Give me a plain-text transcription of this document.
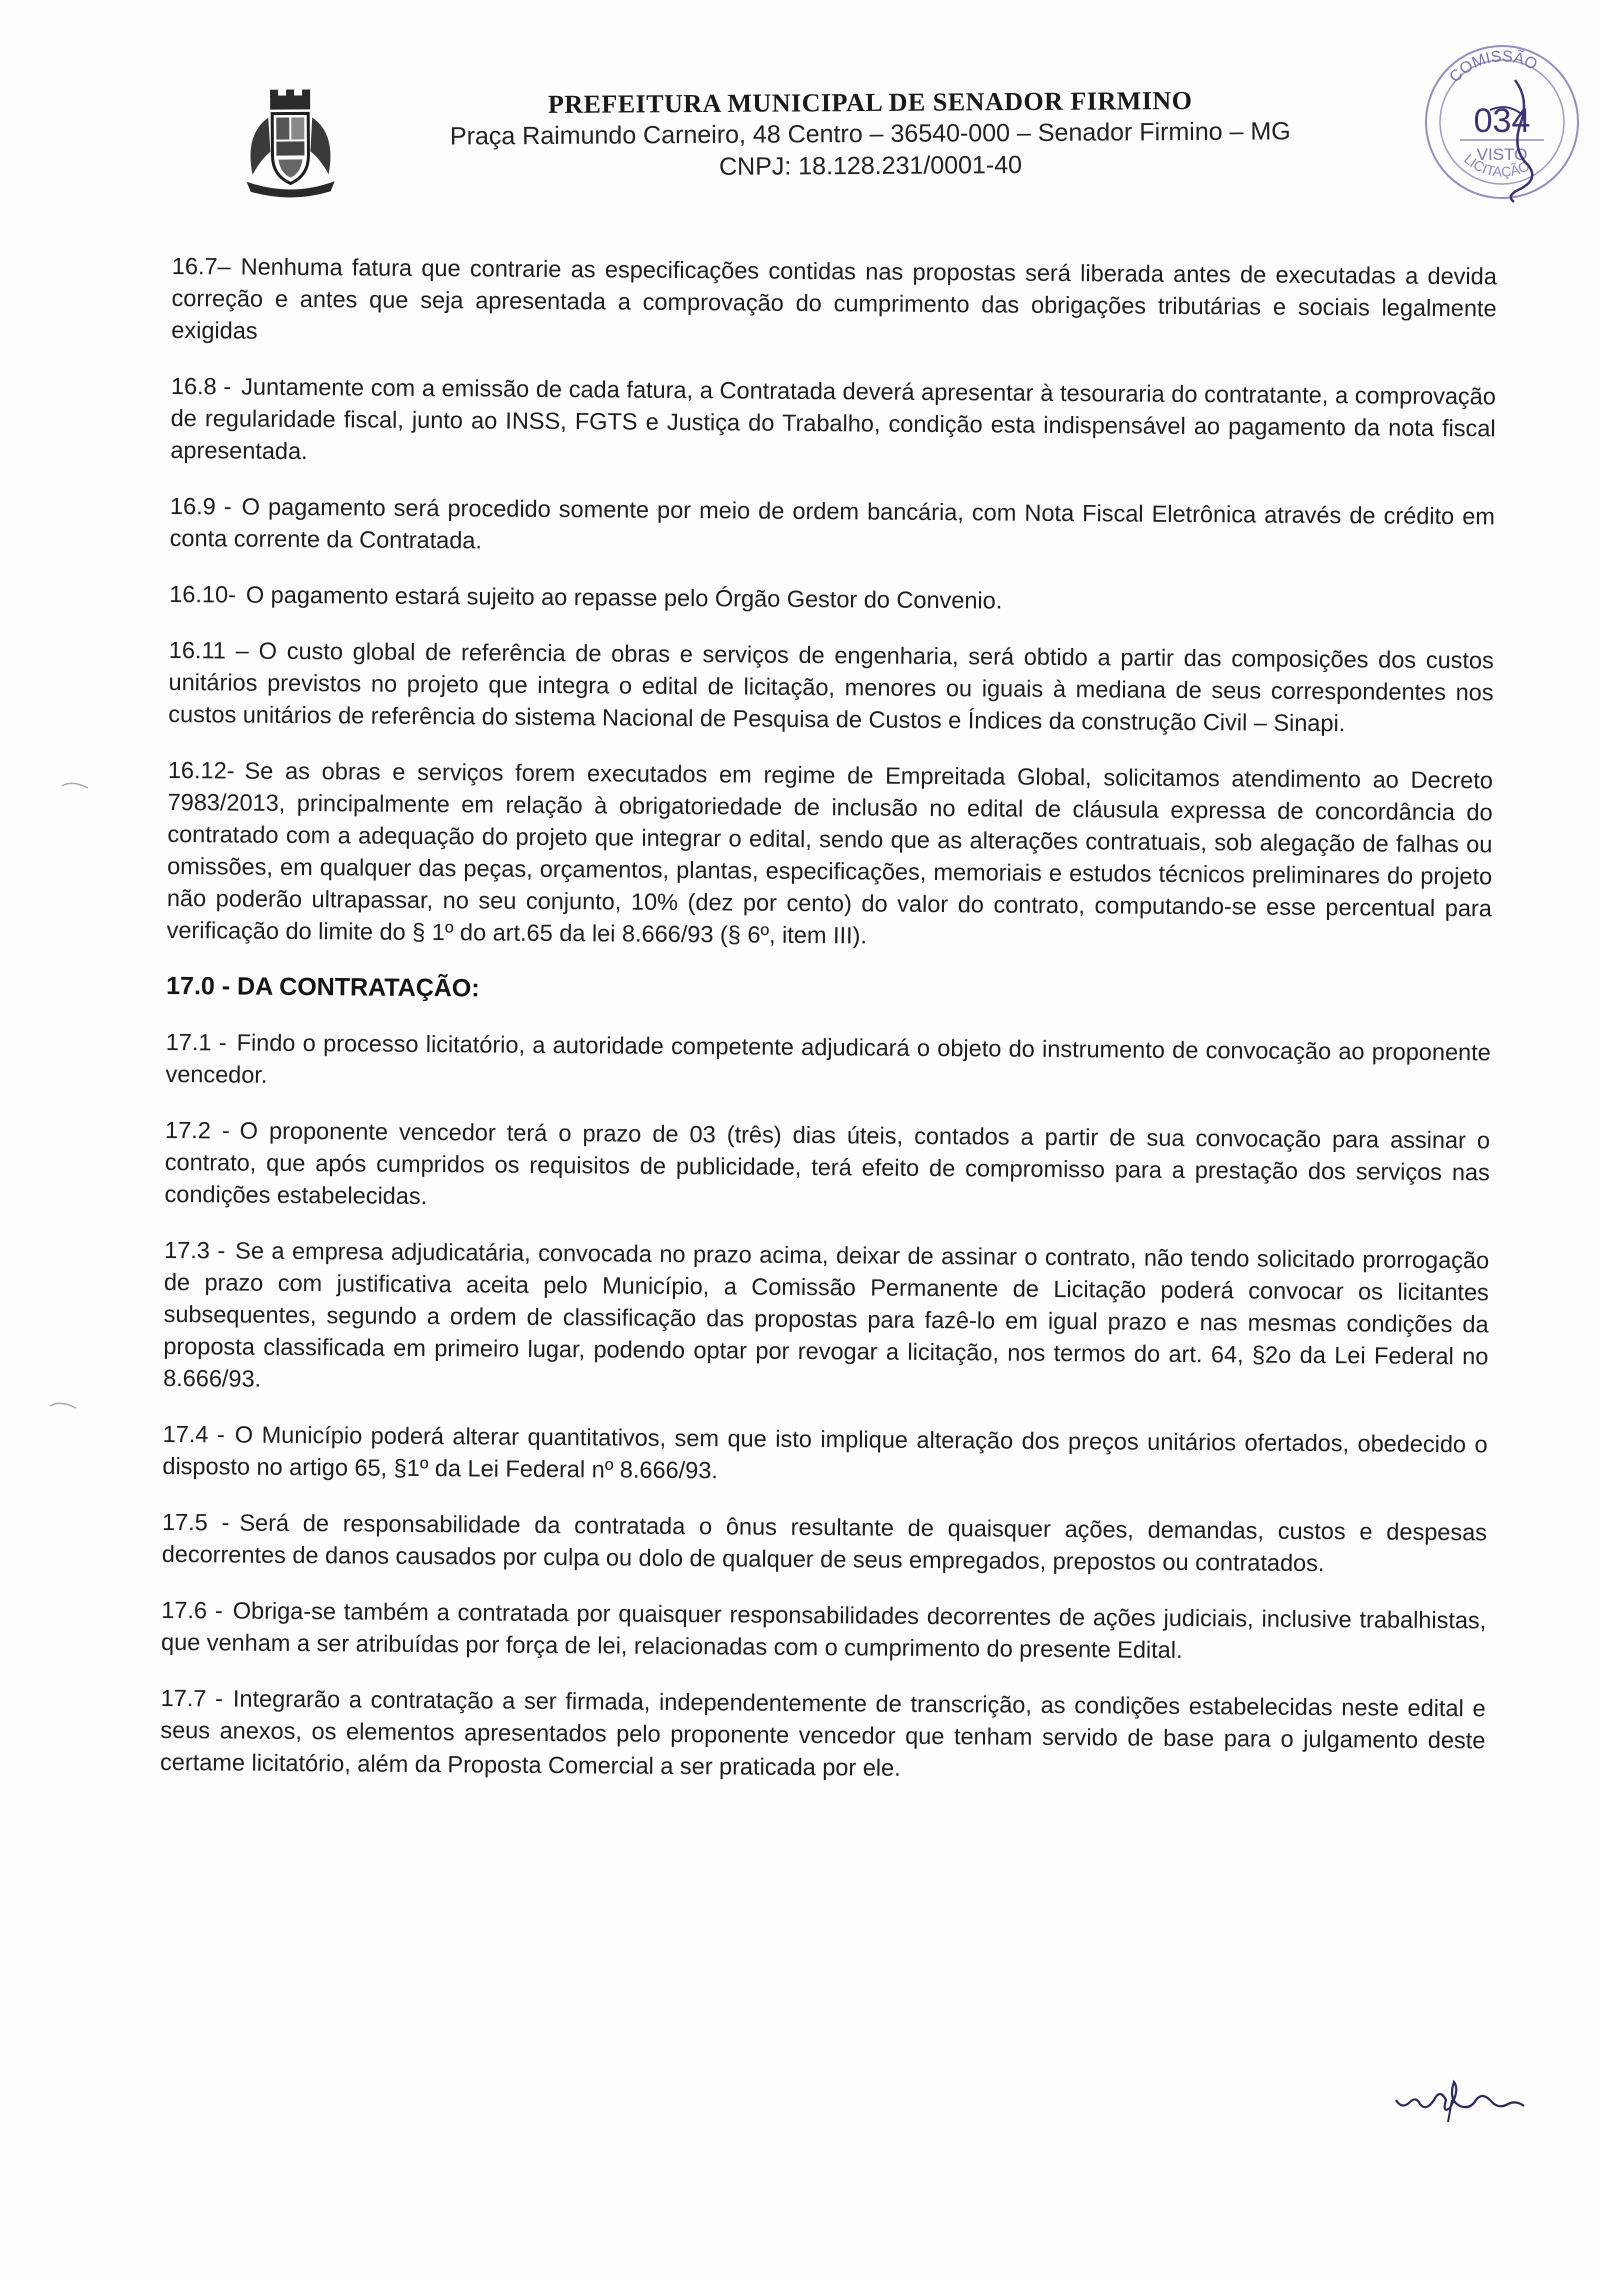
PREFEITURA MUNICIPAL DE SENADOR FIRMINO
Praça Raimundo Carneiro, 48 Centro – 36540-000 – Senador Firmino – MG
CNPJ: 18.128.231/0001-40
COMISSÃO
034
VISTO
LICITAÇÃO

16.7– Nenhuma fatura que contrarie as especificações contidas nas propostas será liberada antes de executadas a devida correção e antes que seja apresentada a comprovação do cumprimento das obrigações tributárias e sociais legalmente exigidas

16.8 - Juntamente com a emissão de cada fatura, a Contratada deverá apresentar à tesouraria do contratante, a comprovação de regularidade fiscal, junto ao INSS, FGTS e Justiça do Trabalho, condição esta indispensável ao pagamento da nota fiscal apresentada.

16.9 - O pagamento será procedido somente por meio de ordem bancária, com Nota Fiscal Eletrônica através de crédito em conta corrente da Contratada.

16.10- O pagamento estará sujeito ao repasse pelo Órgão Gestor do Convenio.

16.11 – O custo global de referência de obras e serviços de engenharia, será obtido a partir das composições dos custos unitários previstos no projeto que integra o edital de licitação, menores ou iguais à mediana de seus correspondentes nos custos unitários de referência do sistema Nacional de Pesquisa de Custos e Índices da construção Civil – Sinapi.

16.12- Se as obras e serviços forem executados em regime de Empreitada Global, solicitamos atendimento ao Decreto 7983/2013, principalmente em relação à obrigatoriedade de inclusão no edital de cláusula expressa de concordância do contratado com a adequação do projeto que integrar o edital, sendo que as alterações contratuais, sob alegação de falhas ou omissões, em qualquer das peças, orçamentos, plantas, especificações, memoriais e estudos técnicos preliminares do projeto não poderão ultrapassar, no seu conjunto, 10% (dez por cento) do valor do contrato, computando-se esse percentual para verificação do limite do § 1º do art.65 da lei 8.666/93 (§ 6º, item III).

17.0 - DA CONTRATAÇÃO:

17.1 - Findo o processo licitatório, a autoridade competente adjudicará o objeto do instrumento de convocação ao proponente vencedor.

17.2 - O proponente vencedor terá o prazo de 03 (três) dias úteis, contados a partir de sua convocação para assinar o contrato, que após cumpridos os requisitos de publicidade, terá efeito de compromisso para a prestação dos serviços nas condições estabelecidas.

17.3 - Se a empresa adjudicatária, convocada no prazo acima, deixar de assinar o contrato, não tendo solicitado prorrogação de prazo com justificativa aceita pelo Município, a Comissão Permanente de Licitação poderá convocar os licitantes subsequentes, segundo a ordem de classificação das propostas para fazê-lo em igual prazo e nas mesmas condições da proposta classificada em primeiro lugar, podendo optar por revogar a licitação, nos termos do art. 64, §2o da Lei Federal no 8.666/93.

17.4 - O Município poderá alterar quantitativos, sem que isto implique alteração dos preços unitários ofertados, obedecido o disposto no artigo 65, §1º da Lei Federal nº 8.666/93.

17.5 - Será de responsabilidade da contratada o ônus resultante de quaisquer ações, demandas, custos e despesas decorrentes de danos causados por culpa ou dolo de qualquer de seus empregados, prepostos ou contratados.

17.6 - Obriga-se também a contratada por quaisquer responsabilidades decorrentes de ações judiciais, inclusive trabalhistas, que venham a ser atribuídas por força de lei, relacionadas com o cumprimento do presente Edital.

17.7 - Integrarão a contratação a ser firmada, independentemente de transcrição, as condições estabelecidas neste edital e seus anexos, os elementos apresentados pelo proponente vencedor que tenham servido de base para o julgamento deste certame licitatório, além da Proposta Comercial a ser praticada por ele.
